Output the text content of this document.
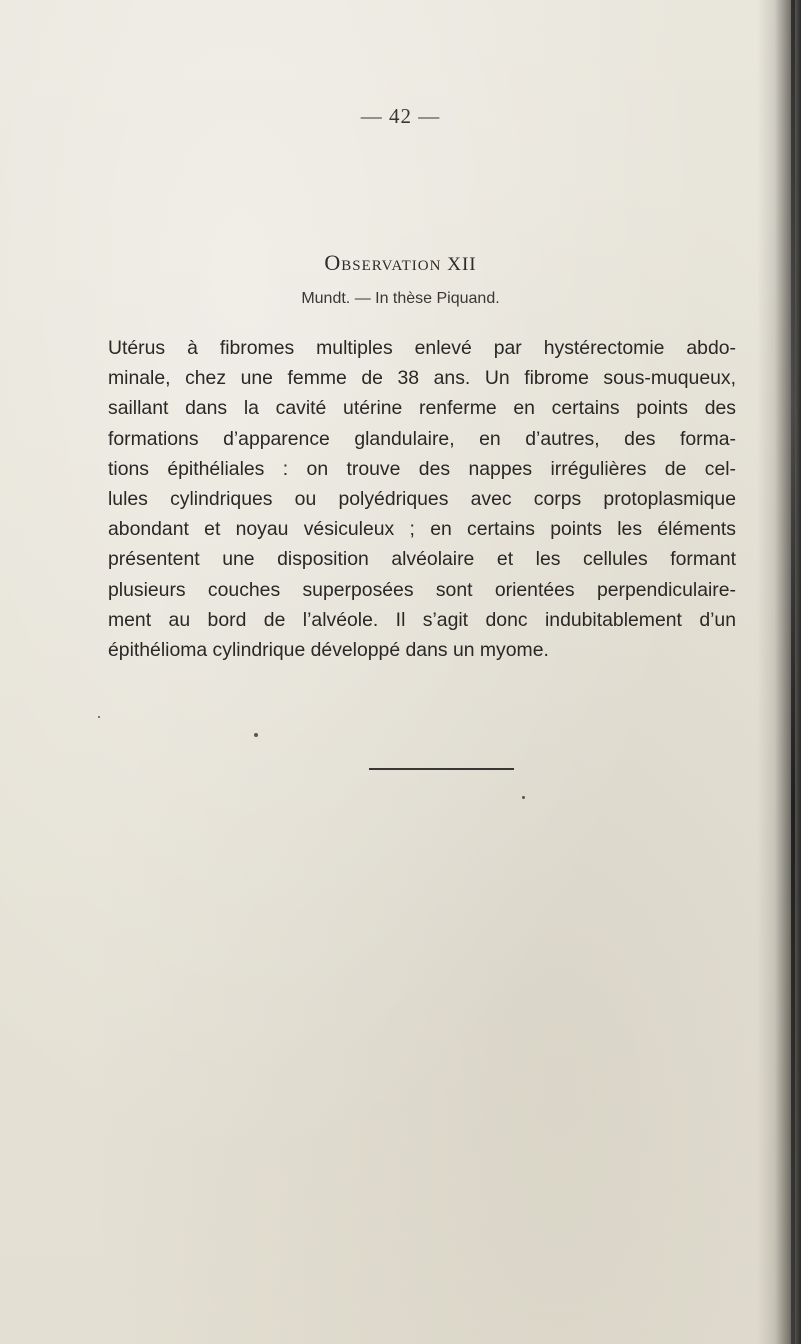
— 42 —
Observation XII
Mundt. — In thèse Piquand.
Utérus à fibromes multiples enlevé par hystérectomie abdo-
minale, chez une femme de 38 ans. Un fibrome sous-muqueux,
saillant dans la cavité utérine renferme en certains points des
formations d’apparence glandulaire, en d’autres, des forma-
tions épithéliales : on trouve des nappes irrégulières de cel-
lules cylindriques ou polyédriques avec corps protoplasmique
abondant et noyau vésiculeux ; en certains points les éléments
présentent une disposition alvéolaire et les cellules formant
plusieurs couches superposées sont orientées perpendiculaire-
ment au bord de l’alvéole. Il s’agit donc indubitablement d’un
épithélioma cylindrique développé dans un myome.
